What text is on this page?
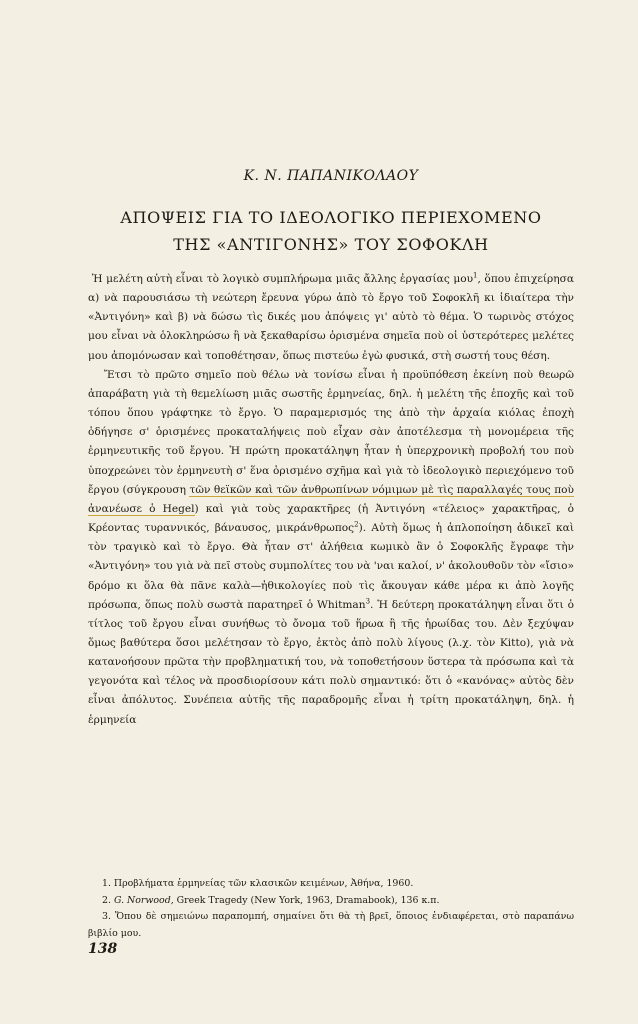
Κ. Ν. ΠΑΠΑΝΙΚΟΛΑΟΥ
ΑΠΟΨΕΙΣ ΓΙΑ ΤΟ ΙΔΕΟΛΟΓΙΚΟ ΠΕΡΙΕΧΟΜΕΝΟ
ΤΗΣ «ΑΝΤΙΓΟΝΗΣ» ΤΟΥ ΣΟΦΟΚΛΗ

Ἡ μελέτη αὐτὴ εἶναι τὸ λογικὸ συμπλήρωμα μιᾶς ἄλλης ἐργασίας μου$^1$, ὅπου ἐπιχείρησα α) νὰ παρουσιάσω τὴ νεώτερη ἔρευνα γύρω ἀπὸ τὸ ἔργο τοῦ Σοφοκλῆ κι ἰδιαίτερα τὴν «Ἀντιγόνη» καὶ β) νὰ δώσω τὶς δικές μου ἀπόψεις γι' αὐτὸ τὸ θέμα. Ὁ τωρινὸς στόχος μου εἶναι νὰ ὁλοκληρώσω ἢ νὰ ξεκαθαρίσω ὁρισμένα σημεῖα ποὺ οἱ ὑστερότερες μελέτες μου ἀπομόνωσαν καὶ τοποθέτησαν, ὅπως πιστεύω ἐγὼ φυσικά, στὴ σωστή τους θέση.

Ἔτσι τὸ πρῶτο σημεῖο ποὺ θέλω νὰ τονίσω εἶναι ἡ προϋπόθεση ἐκείνη ποὺ θεωρῶ ἀπαράβατη γιὰ τὴ θεμελίωση μιᾶς σωστῆς ἑρμηνείας, δηλ. ἡ μελέτη τῆς ἐποχῆς καὶ τοῦ τόπου ὅπου γράφτηκε τὸ ἔργο. Ὁ παραμερισμός της ἀπὸ τὴν ἀρχαία κιόλας ἐποχὴ ὁδήγησε σ' ὁρισμένες προκαταλήψεις ποὺ εἶχαν σὰν ἀποτέλεσμα τὴ μονομέρεια τῆς ἑρμηνευτικῆς τοῦ ἔργου. Ἡ πρώτη προκατάληψη ἦταν ἡ ὑπερχρονικὴ προβολή του ποὺ ὑποχρεώνει τὸν ἑρμηνευτὴ σ' ἕνα ὁρισμένο σχῆμα καὶ γιὰ τὸ ἰδεολογικὸ περιεχόμενο τοῦ ἔργου (σύγκρουση τῶν θεϊκῶν καὶ τῶν ἀνθρωπίνων νόμιμων μὲ τὶς παραλλαγές τους ποὺ ἀνανέωσε ὁ Hegel) καὶ γιὰ τοὺς χαρακτῆρες (ἡ Ἀντιγόνη «τέλειος» χαρακτῆρας, ὁ Κρέοντας τυραννικός, βάναυσος, μικράνθρωπος$^2$). Αὐτὴ ὅμως ἡ ἁπλοποίηση ἀδικεῖ καὶ τὸν τραγικὸ καὶ τὸ ἔργο. Θὰ ἦταν στ' ἀλήθεια κωμικὸ ἂν ὁ Σοφοκλῆς ἔγραφε τὴν «Ἀντιγόνη» του γιὰ νὰ πεῖ στοὺς συμπολίτες του νὰ 'ναι καλοί, ν' ἀκολουθοῦν τὸν «ἴσιο» δρόμο κι ὅλα θὰ πᾶνε καλὰ—ἠθικολογίες ποὺ τὶς ἄκουγαν κάθε μέρα κι ἀπὸ λογῆς πρόσωπα, ὅπως πολὺ σωστὰ παρατηρεῖ ὁ Whitman$^3$. Ἡ δεύτερη προκατάληψη εἶναι ὅτι ὁ τίτλος τοῦ ἔργου εἶναι συνήθως τὸ ὄνομα τοῦ ἥρωα ἢ τῆς ἡρωίδας του. Δὲν ξεχύψαν ὅμως βαθύτερα ὅσοι μελέτησαν τὸ ἔργο, ἐκτὸς ἀπὸ πολὺ λίγους (λ.χ. τὸν Kitto), γιὰ νὰ κατανοήσουν πρῶτα τὴν προβληματική του, νὰ τοποθετήσουν ὕστερα τὰ πρόσωπα καὶ τὰ γεγονότα καὶ τέλος νὰ προσδιορίσουν κάτι πολὺ σημαντικό: ὅτι ὁ «κανόνας» αὐτὸς δὲν εἶναι ἀπόλυτος. Συνέπεια αὐτῆς τῆς παραδρομῆς εἶναι ἡ τρίτη προκατάληψη, δηλ. ἡ ἑρμηνεία

1. Προβλήματα ἑρμηνείας τῶν κλασικῶν κειμένων, Ἀθήνα, 1960.
2. G. Norwood, Greek Tragedy (New York, 1963, Dramabook), 136 κ.π.
3. Ὅπου δὲ σημειώνω παραπομπή, σημαίνει ὅτι θὰ τὴ βρεῖ, ὅποιος ἐνδιαφέρεται, στὸ παραπάνω βιβλίο μου.
138
